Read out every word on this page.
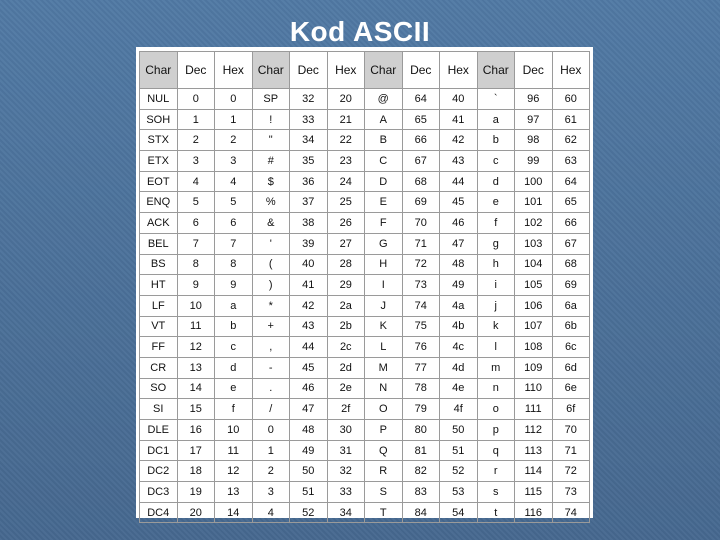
Kod ASCII
Char	Dec	Hex	Char	Dec	Hex	Char	Dec	Hex	Char	Dec	Hex
NUL	0	0	SP	32	20	@	64	40	`	96	60
SOH	1	1	!	33	21	A	65	41	a	97	61
STX	2	2	"	34	22	B	66	42	b	98	62
ETX	3	3	#	35	23	C	67	43	c	99	63
EOT	4	4	$	36	24	D	68	44	d	100	64
ENQ	5	5	%	37	25	E	69	45	e	101	65
ACK	6	6	&	38	26	F	70	46	f	102	66
BEL	7	7	'	39	27	G	71	47	g	103	67
BS	8	8	(	40	28	H	72	48	h	104	68
HT	9	9	)	41	29	I	73	49	i	105	69
LF	10	a	*	42	2a	J	74	4a	j	106	6a
VT	11	b	+	43	2b	K	75	4b	k	107	6b
FF	12	c	,	44	2c	L	76	4c	l	108	6c
CR	13	d	-	45	2d	M	77	4d	m	109	6d
SO	14	e	.	46	2e	N	78	4e	n	110	6e
SI	15	f	/	47	2f	O	79	4f	o	111	6f
DLE	16	10	0	48	30	P	80	50	p	112	70
DC1	17	11	1	49	31	Q	81	51	q	113	71
DC2	18	12	2	50	32	R	82	52	r	114	72
DC3	19	13	3	51	33	S	83	53	s	115	73
DC4	20	14	4	52	34	T	84	54	t	116	74
